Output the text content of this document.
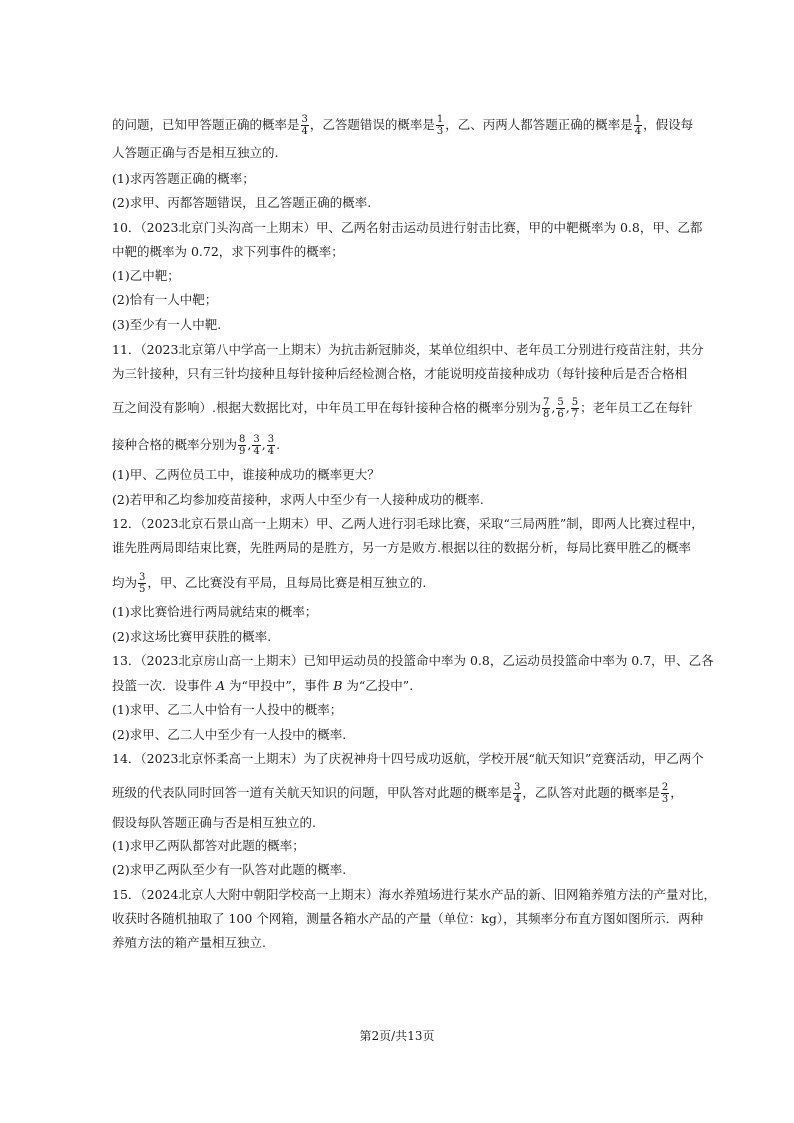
的问题，已知甲答题正确的概率是 $\frac{3}{4}$ ，乙答题错误的概率是 $\frac{1}{3}$ ，乙、丙两人都答题正确的概率是 $\frac{1}{4}$ ，假设每
人答题正确与否是相互独立的.
(1)求丙答题正确的概率；
(2)求甲、丙都答题错误，且乙答题正确的概率.
10．（2023北京门头沟高一上期末）甲、乙两名射击运动员进行射击比赛，甲的中靶概率为 0.8，甲、乙都
中靶的概率为 0.72，求下列事件的概率；
(1)乙中靶；
(2)恰有一人中靶；
(3)至少有一人中靶.
11．（2023北京第八中学高一上期末）为抗击新冠肺炎，某单位组织中、老年员工分别进行疫苗注射，共分
为三针接种，只有三针均接种且每针接种后经检测合格，才能说明疫苗接种成功（每针接种后是否合格相
互之间没有影响）.根据大数据比对，中年员工甲在每针接种合格的概率分别为 $\frac{7}{8}$ , $\frac{5}{6}$ , $\frac{5}{7}$ ；老年员工乙在每针
接种合格的概率分别为 $\frac{8}{9}$ , $\frac{3}{4}$ , $\frac{3}{4}$ .
(1)甲、乙两位员工中，谁接种成功的概率更大？
(2)若甲和乙均参加疫苗接种，求两人中至少有一人接种成功的概率.
12．（2023北京石景山高一上期末）甲、乙两人进行羽毛球比赛，采取“三局两胜”制，即两人比赛过程中，
谁先胜两局即结束比赛，先胜两局的是胜方，另一方是败方.根据以往的数据分析，每局比赛甲胜乙的概率
均为 $\frac{3}{5}$ ，甲、乙比赛没有平局，且每局比赛是相互独立的.
(1)求比赛恰进行两局就结束的概率；
(2)求这场比赛甲获胜的概率.
13．（2023北京房山高一上期末）已知甲运动员的投篮命中率为 0.8，乙运动员投篮命中率为 0.7，甲、乙各
投篮一次．设事件 A 为“甲投中”，事件 B 为“乙投中”.
(1)求甲、乙二人中恰有一人投中的概率；
(2)求甲、乙二人中至少有一人投中的概率.
14．（2023北京怀柔高一上期末）为了庆祝神舟十四号成功返航，学校开展“航天知识”竞赛活动，甲乙两个
班级的代表队同时回答一道有关航天知识的问题，甲队答对此题的概率是 $\frac{3}{4}$ ，乙队答对此题的概率是 $\frac{2}{3}$ ，
假设每队答题正确与否是相互独立的.
(1)求甲乙两队都答对此题的概率；
(2)求甲乙两队至少有一队答对此题的概率.
15．（2024北京人大附中朝阳学校高一上期末）海水养殖场进行某水产品的新、旧网箱养殖方法的产量对比，
收获时各随机抽取了 100 个网箱，测量各箱水产品的产量（单位：kg），其频率分布直方图如图所示．两种
养殖方法的箱产量相互独立.
第2页/共13页
